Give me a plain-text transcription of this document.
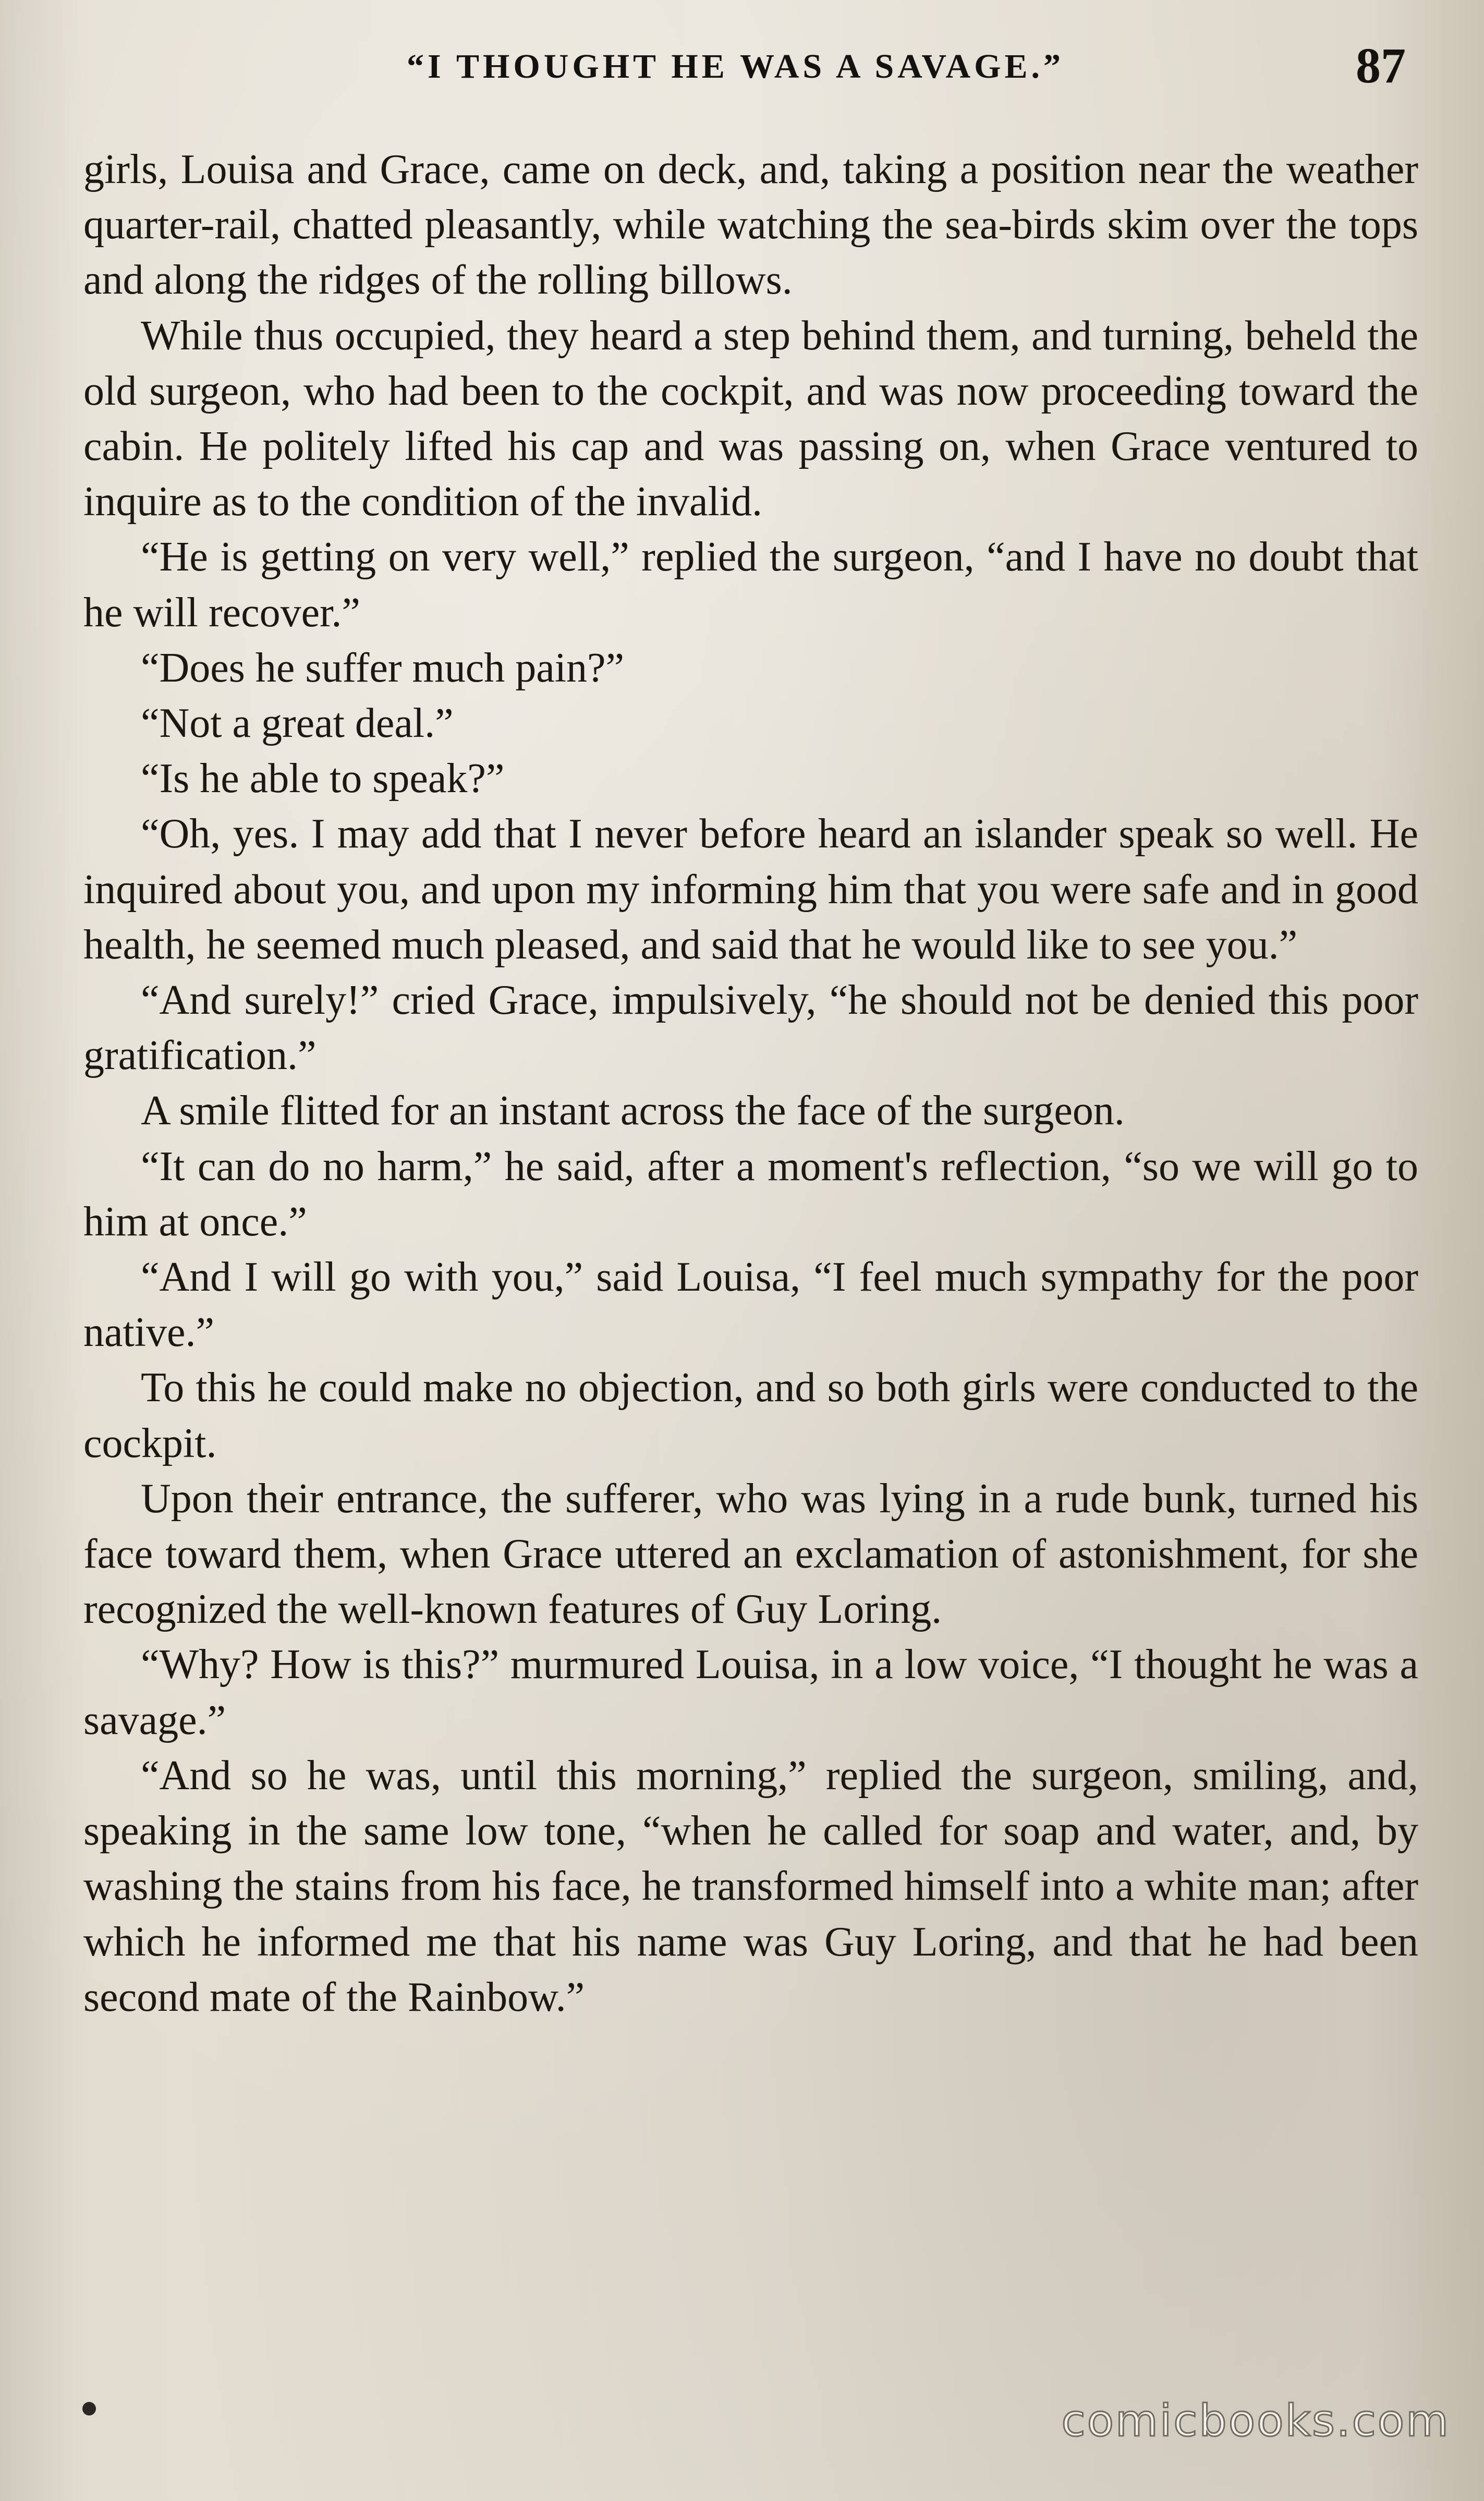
“I THOUGHT HE WAS A SAVAGE.”	87

girls, Louisa and Grace, came on deck, and, taking a position near the weather quarter-rail, chatted pleasantly, while watching the sea-birds skim over the tops and along the ridges of the rolling billows.

While thus occupied, they heard a step behind them, and turning, beheld the old surgeon, who had been to the cockpit, and was now proceeding toward the cabin. He politely lifted his cap and was passing on, when Grace ventured to inquire as to the condition of the invalid.

“He is getting on very well,” replied the surgeon, “and I have no doubt that he will recover.”

“Does he suffer much pain?”

“Not a great deal.”

“Is he able to speak?”

“Oh, yes. I may add that I never before heard an islander speak so well. He inquired about you, and upon my informing him that you were safe and in good health, he seemed much pleased, and said that he would like to see you.”

“And surely!” cried Grace, impulsively, “he should not be denied this poor gratification.”

A smile flitted for an instant across the face of the surgeon.

“It can do no harm,” he said, after a moment's reflection, “so we will go to him at once.”

“And I will go with you,” said Louisa, “I feel much sympathy for the poor native.”

To this he could make no objection, and so both girls were conducted to the cockpit.

Upon their entrance, the sufferer, who was lying in a rude bunk, turned his face toward them, when Grace uttered an exclamation of astonishment, for she recognized the well-known features of Guy Loring.

“Why? How is this?” murmured Louisa, in a low voice, “I thought he was a savage.”

“And so he was, until this morning,” replied the surgeon, smiling, and, speaking in the same low tone, “when he called for soap and water, and, by washing the stains from his face, he transformed himself into a white man; after which he informed me that his name was Guy Loring, and that he had been second mate of the Rainbow.”

comicbooks.com
